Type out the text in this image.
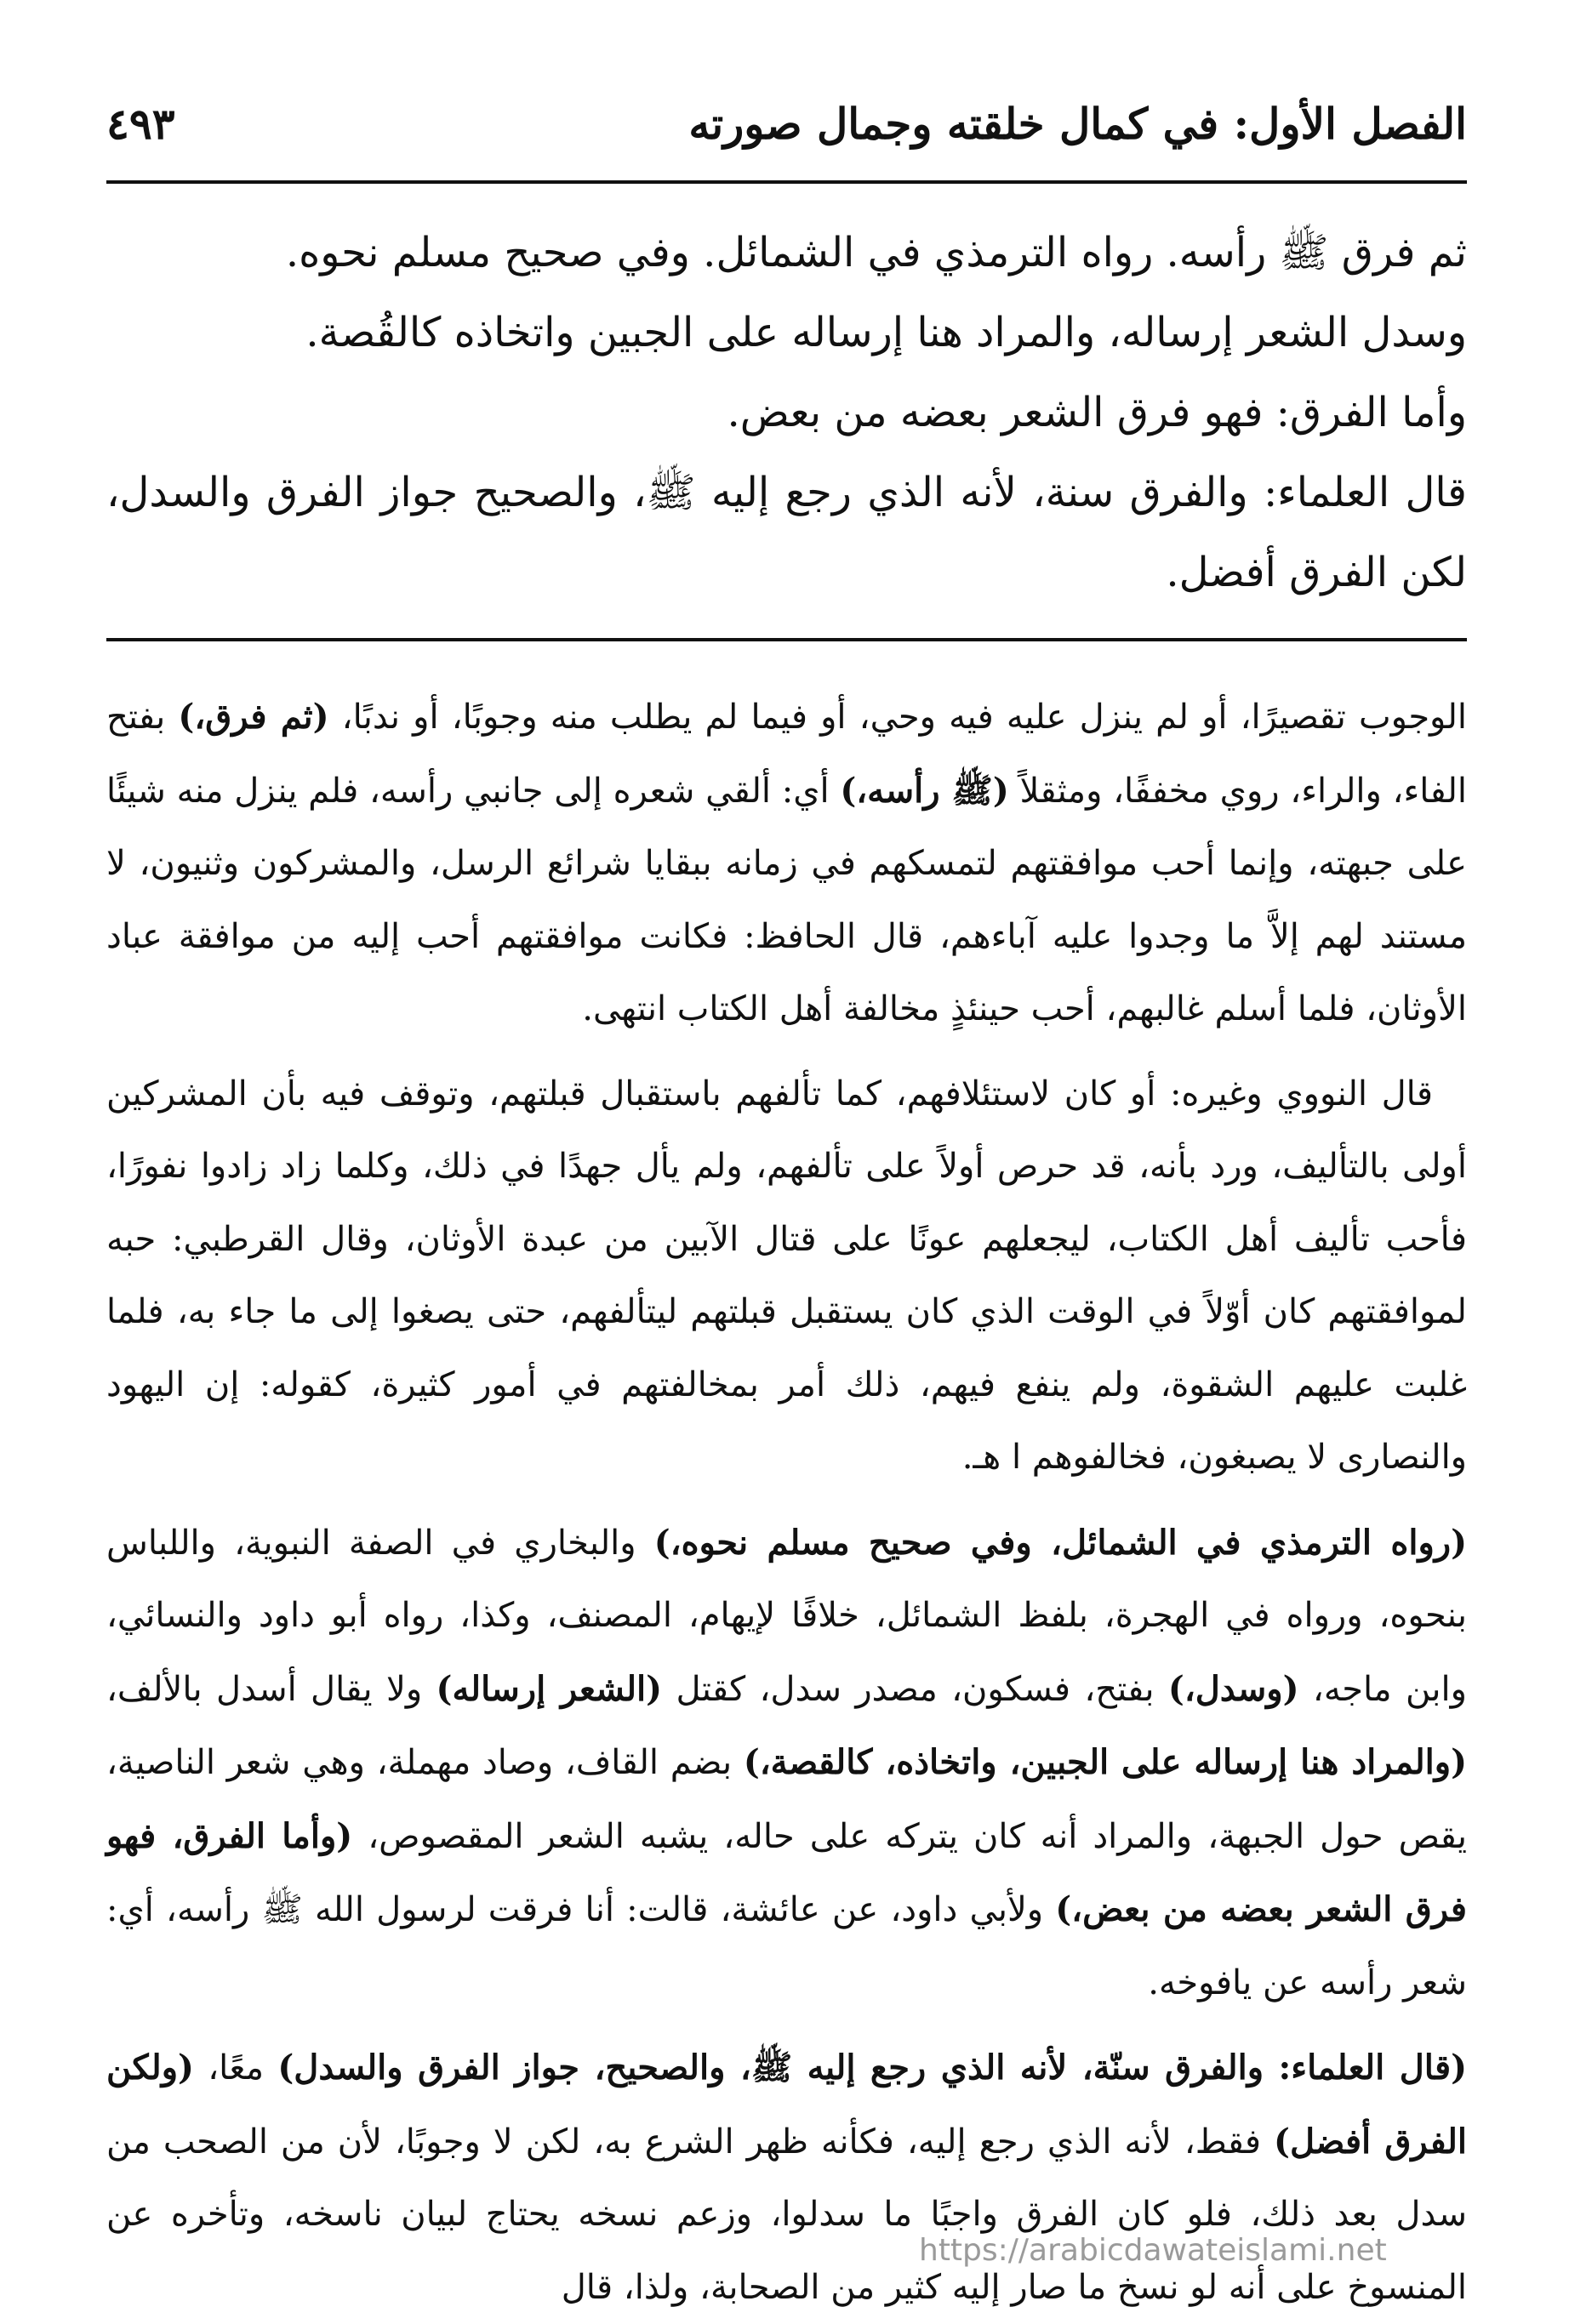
الفصل الأول: في كمال خلقته وجمال صورته
٤٩٣

ثم فرق ﷺ رأسه. رواه الترمذي في الشمائل. وفي صحيح مسلم نحوه.

وسدل الشعر إرساله، والمراد هنا إرساله على الجبين واتخاذه كالقُصة.

وأما الفرق: فهو فرق الشعر بعضه من بعض.

قال العلماء: والفرق سنة، لأنه الذي رجع إليه ﷺ، والصحيح جواز الفرق والسدل، لكن الفرق أفضل.

الوجوب تقصيرًا، أو لم ينزل عليه فيه وحي، أو فيما لم يطلب منه وجوبًا، أو ندبًا، (ثم فرق،) بفتح الفاء، والراء، روي مخففًا، ومثقلاً (ﷺ رأسه،) أي: ألقي شعره إلى جانبي رأسه، فلم ينزل منه شيئًا على جبهته، وإنما أحب موافقتهم لتمسكهم في زمانه ببقايا شرائع الرسل، والمشركون وثنيون، لا مستند لهم إلاَّ ما وجدوا عليه آباءهم، قال الحافظ: فكانت موافقتهم أحب إليه من موافقة عباد الأوثان، فلما أسلم غالبهم، أحب حينئذٍ مخالفة أهل الكتاب انتهى.

قال النووي وغيره: أو كان لاستئلافهم، كما تألفهم باستقبال قبلتهم، وتوقف فيه بأن المشركين أولى بالتأليف، ورد بأنه، قد حرص أولاً على تألفهم، ولم يأل جهدًا في ذلك، وكلما زاد زادوا نفورًا، فأحب تأليف أهل الكتاب، ليجعلهم عونًا على قتال الآبين من عبدة الأوثان، وقال القرطبي: حبه لموافقتهم كان أوّلاً في الوقت الذي كان يستقبل قبلتهم ليتألفهم، حتى يصغوا إلى ما جاء به، فلما غلبت عليهم الشقوة، ولم ينفع فيهم، ذلك أمر بمخالفتهم في أمور كثيرة، كقوله: إن اليهود والنصارى لا يصبغون، فخالفوهم ا هـ.

(رواه الترمذي في الشمائل، وفي صحيح مسلم نحوه،) والبخاري في الصفة النبوية، واللباس بنحوه، ورواه في الهجرة، بلفظ الشمائل، خلافًا لإيهام، المصنف، وكذا، رواه أبو داود والنسائي، وابن ماجه، (وسدل،) بفتح، فسكون، مصدر سدل، كقتل (الشعر إرساله) ولا يقال أسدل بالألف، (والمراد هنا إرساله على الجبين، واتخاذه، كالقصة،) بضم القاف، وصاد مهملة، وهي شعر الناصية، يقص حول الجبهة، والمراد أنه كان يتركه على حاله، يشبه الشعر المقصوص، (وأما الفرق، فهو فرق الشعر بعضه من بعض،) ولأبي داود، عن عائشة، قالت: أنا فرقت لرسول الله ﷺ رأسه، أي: شعر رأسه عن يافوخه.

(قال العلماء: والفرق سنّة، لأنه الذي رجع إليه ﷺ، والصحيح، جواز الفرق والسدل) معًا، (ولكن الفرق أفضل) فقط، لأنه الذي رجع إليه، فكأنه ظهر الشرع به، لكن لا وجوبًا، لأن من الصحب من سدل بعد ذلك، فلو كان الفرق واجبًا ما سدلوا، وزعم نسخه يحتاج لبيان ناسخه، وتأخره عن المنسوخ على أنه لو نسخ ما صار إليه كثير من الصحابة، ولذا، قال

https://arabicdawateislami.net
